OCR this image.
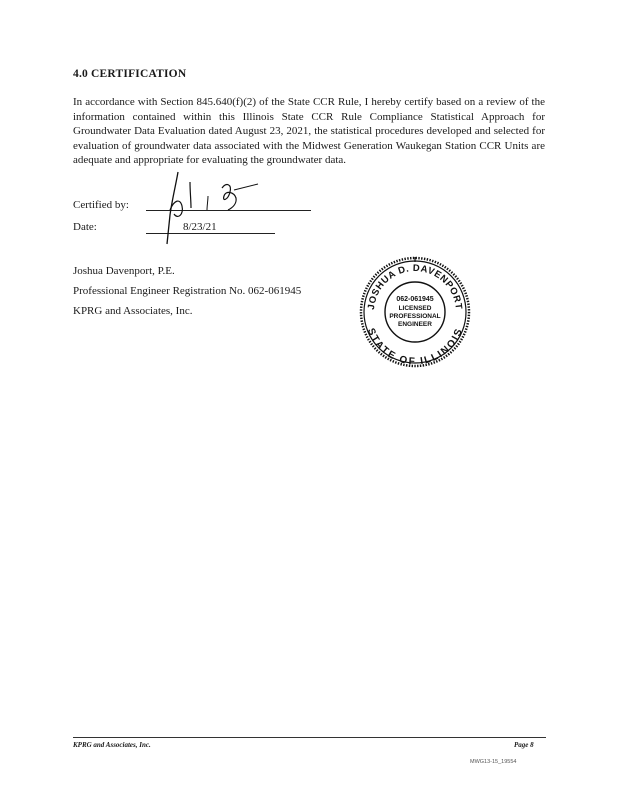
4.0 CERTIFICATION
In accordance with Section 845.640(f)(2) of the State CCR Rule, I hereby certify based on a review of the information contained within this Illinois State CCR Rule Compliance Statistical Approach for Groundwater Data Evaluation dated August 23, 2021, the statistical procedures developed and selected for evaluation of groundwater data associated with the Midwest Generation Waukegan Station CCR Units are adequate and appropriate for evaluating the groundwater data.
Certified by:
Date:	8/23/21
Joshua Davenport, P.E.
Professional Engineer Registration No. 062-061945
KPRG and Associates, Inc.	JOSHUA D. DAVENPORT
STATE OF ILLINOIS
062-061945
LICENSED
PROFESSIONAL
ENGINEER
KPRG and Associates, Inc.	Page 8
MWG13-15_19554
